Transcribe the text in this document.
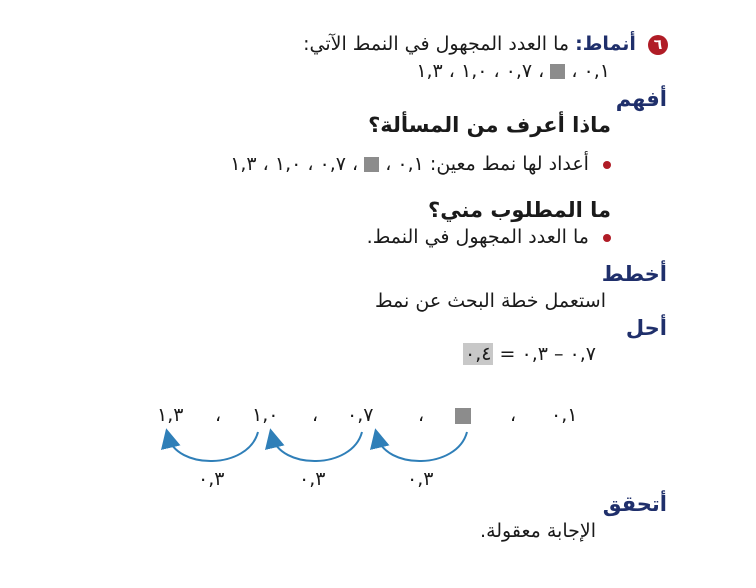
٦ أنماط: ما العدد المجهول في النمط الآتي:
٠,١ ،  ، ٠,٧ ، ١,٠ ، ١,٣
أفهم
ماذا أعرف من المسألة؟
أعداد لها نمط معين: ٠,١ ،  ، ٠,٧ ، ١,٠ ، ١,٣
ما المطلوب مني؟
ما العدد المجهول في النمط.
أخطط
استعمل خطة البحث عن نمط
أحل
٠,٧ – ٠,٣ = ٠,٤
٠,١
،
،
٠,٧
،
١,٠
،
١,٣
٠,٣
٠,٣
٠,٣
أتحقق
الإجابة معقولة.
